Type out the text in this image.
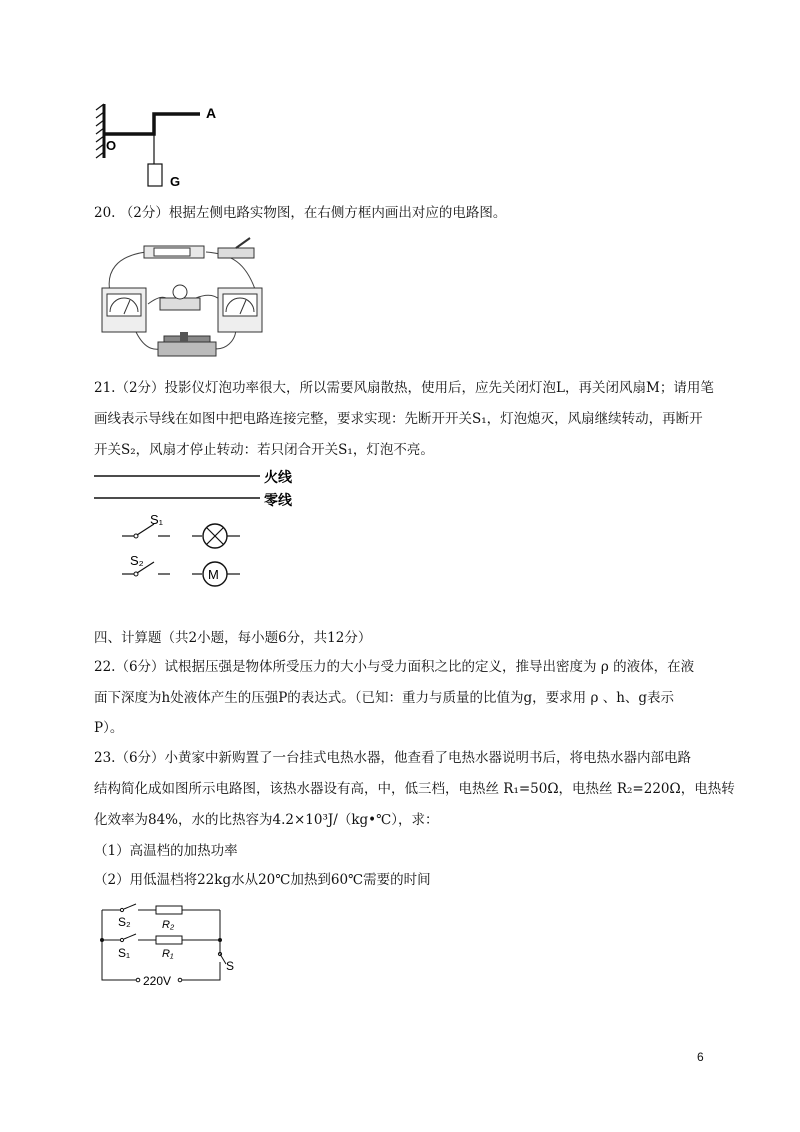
A
O
G
20. （2分）根据左侧电路实物图，在右侧方框内画出对应的电路图。
21.（2分）投影仪灯泡功率很大，所以需要风扇散热，使用后，应先关闭灯泡L，再关闭风扇M；请用笔
画线表示导线在如图中把电路连接完整，要求实现：先断开开关S₁，灯泡熄灭，风扇继续转动，再断开
开关S₂，风扇才停止转动：若只闭合开关S₁，灯泡不亮。
火线
零线
S₁
S₂
M
四、计算题（共2小题，每小题6分，共12分）
22.（6分）试根据压强是物体所受压力的大小与受力面积之比的定义，推导出密度为 ρ 的液体，在液
面下深度为h处液体产生的压强P的表达式。（已知：重力与质量的比值为g，要求用 ρ 、h、g表示
P）。
23.（6分）小黄家中新购置了一台挂式电热水器，他查看了电热水器说明书后，将电热水器内部电路
结构简化成如图所示电路图，该热水器设有高，中，低三档，电热丝 R₁=50Ω，电热丝 R₂=220Ω，电热转
化效率为84%，水的比热容为4.2×10³J/（kg•℃），求：
（1）高温档的加热功率
（2）用低温档将22kg水从20℃加热到60℃需要的时间
S₂	R₂
S₁	R₁
S
220V
6
